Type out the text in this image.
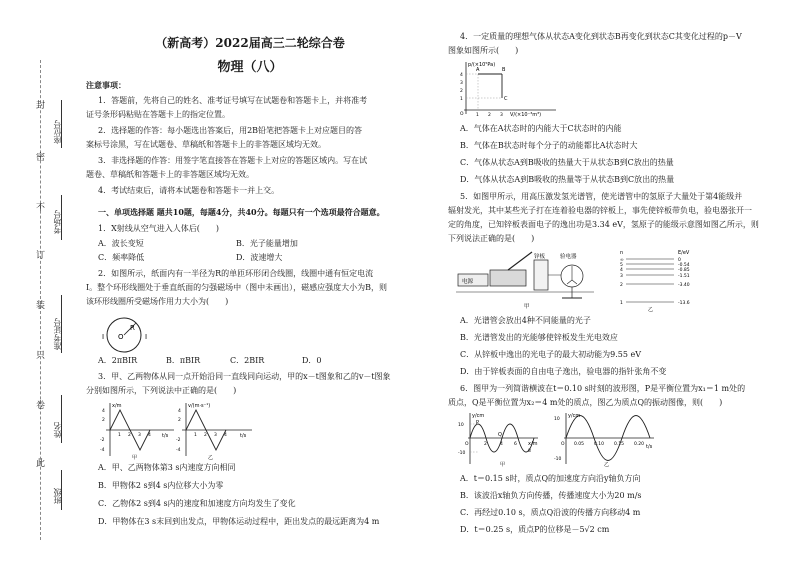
此
卷
只
装
订
不
密
封
班级
姓名
准考证号
考场号
座位号
（新高考）2022届高三二轮综合卷
物理（八）
注意事项：
1．答题前，先将自己的姓名、准考证号填写在试题卷和答题卡上，并将准考
证号条形码粘贴在答题卡上的指定位置。
2．选择题的作答：每小题选出答案后，用2B铅笔把答题卡上对应题目的答
案标号涂黑，写在试题卷、草稿纸和答题卡上的非答题区域均无效。
3．非选择题的作答：用签字笔直接答在答题卡上对应的答题区域内。写在试
题卷、草稿纸和答题卡上的非答题区域均无效。
4．考试结束后，请将本试题卷和答题卡一并上交。
一、单项选择题 题共10题，每题4分，共40分。每题只有一个选项最符合题意。
1．X射线从空气进入人体后(　　)
A．波长变短	B．光子能量增加
C．频率降低	D．波速增大
2．如图所示，纸面内有一半径为R的单匝环形闭合线圈，线圈中通有恒定电流
I。整个环形线圈处于垂直纸面的匀强磁场中（图中未画出），磁感应强度大小为B，则
该环形线圈所受磁场作用力大小为(　　)
O
R
I	I
A．2πBIR	B．πBIR	C．2BIR	D．0
3．甲、乙两物体从同一点开始沿同一直线同向运动，甲的x－t图象和乙的v－t图象
分别如图所示，下列说法中正确的是(　　)
x/m
t/s
4
2
-2
-4
1 2 3 4
甲
v/(m·s⁻¹)
t/s
4
2
-2
-4
1 2 3 4
乙
A．甲、乙两物体第3 s内速度方向相同
B．甲物体2 s到4 s内位移大小为零
C．乙物体2 s到4 s内的速度和加速度方向均发生了变化
D．甲物体在3 s末回到出发点，甲物体运动过程中，距出发点的最远距离为4 m
4．一定质量的理想气体从状态A变化到状态B再变化到状态C其变化过程的p－V
图象如图所示(　　)
p/(×10⁵Pa)
V/(×10⁻³m³)
4
3
2
1
1 2 3
O
A	B
C
A．气体在A状态时的内能大于C状态时的内能
B．气体在B状态时每个分子的动能都比A状态时大
C．气体从状态A到B吸收的热量大于从状态B到C放出的热量
D．气体从状态A到B吸收的热量等于从状态B到C放出的热量
5．如图甲所示，用高压激发氢光谱管，使光谱管中的氢原子大量处于第4能级并
辐射发光，其中某些光子打在连着验电器的锌板上，事先使锌板带负电，验电器张开一
定的角度，已知锌板表面电子的逸出功是3.34 eV，氢原子的能级示意图如图乙所示，则
下列说法正确的是(　　)
电源
锌板	验电器
甲
n	E/eV
∞	0
5	-0.54
4	-0.85
3	-1.51
2	-3.40
1	-13.6
乙
A．光谱管会放出4种不同能量的光子
B．光谱管发出的光能够使锌板发生光电效应
C．从锌板中逸出的光电子的最大初动能为9.55 eV
D．由于锌板表面的自由电子逸出，验电器的指针张角不变
6．图甲为一列简谐横波在t＝0.10 s时刻的波形图，P是平衡位置为x₁＝1 m处的
质点，Q是平衡位置为x₂＝4 m处的质点，图乙为质点Q的振动图像，则(　　)
y/cm
x/m
10
-10
2	4 6
8
O
P
Q
甲
y/cm
t/s
10
-10
0.05 0.10 0.15 0.20
O
乙
A．t＝0.15 s时，质点Q的加速度方向沿y轴负方向
B．该波沿x轴负方向传播，传播速度大小为20 m/s
C．再经过0.10 s，质点Q沿波的传播方向移动4 m
D．t＝0.25 s，质点P的位移是－5√2 cm
